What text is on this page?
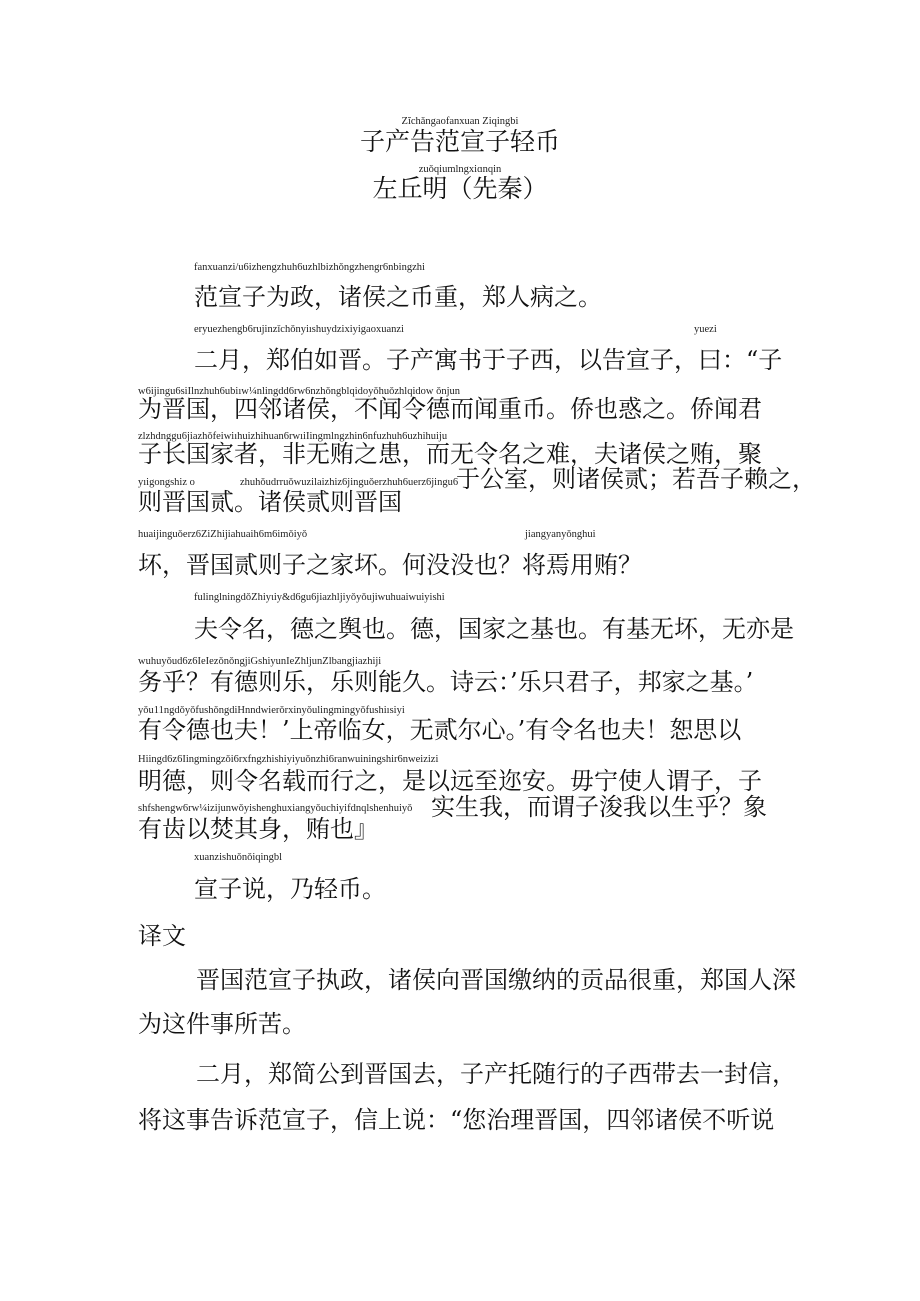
Zĭchǎngaofanxuan Ziqingbi
子产告范宣子轻币
zuǒqiumlngxiɑnqin
左丘明（先秦）
fanxuanzi/u6izhengzhuh6uzhlbizhǒngzhengr6nbingzhi
范宣子为政，诸侯之币重，郑人病之。
eryuezhengb6rujinzǐchǒnyiıshuydzixiyigaoxuanzi	yuezi
二月，郑伯如晋。子产寓书于子西，以告宣子，曰：“子
w6ijingu6siIlnzhuh6ubiıw¼nlingdd6rw6nzhǒngblqidoyǒhuǒzhlqidow ǒnjun
为晋国，四邻诸侯，不闻令德而闻重币。侨也惑之。侨闻君
zlzhdnggu6jiazhǒfeiwiıhuizhihuan6rwıiIingmlngzhin6nfuzhuh6uzhihuiju
子长国家者，非无贿之患，而无令名之难，夫诸侯之贿，聚
yıigongshiz o	zhuhǒudrruǒwuzilaizhiz6jinguǒerzhuh6uerz6jingu6
于公室，则诸侯贰；若吾子赖之，
则晋国贰。诸侯贰则晋国
huaijinguǒerz6ZiZhijiahuaih6m6imǒiyǒ	jiangyanyǒnghui
坏，晋国贰则子之家坏。何没没也？将焉用贿？
fulinglningdǒZhiyιiy&d6gu6jiazhljiyǒyǒujiwuhuaiwuiyishi
夫令名，德之舆也。德，国家之基也。有基无坏，无亦是
wuhuyǒud6z6IeIezǒnǒngjiGshiyunIeZhljunZlbangjiazhiji
务乎？有德则乐，乐则能久。诗云：’乐只君子，邦家之基。’
yǒu11ngdǒyǒfushǒngdiHnndwierǒrxinyǒulingmingyǒfushiısiyi
有令德也夫！’上帝临女，无贰尔心。’有令名也夫！恕思以
Hiingd6z6Iingmingzǒi6rxfngzhishiyiyuǒnzhi6ranwuiningshir6nweizizi
明德，则令名载而行之，是以远至迩安。毋宁使人谓子，子
shfshengw6rw¼izijunwǒyishenghuxiangyǒuchiyifdnqlshenhuiyǒ 实生我，而谓子浚我以生乎？象
有齿以焚其身，贿也』
xuanzishuǒnǒiqingbl
宣子说，乃轻币。
译文
晋国范宣子执政，诸侯向晋国缴纳的贡品很重，郑国人深
为这件事所苦。
二月，郑简公到晋国去，子产托随行的子西带去一封信，
将这事告诉范宣子，信上说：“您治理晋国，四邻诸侯不听说
